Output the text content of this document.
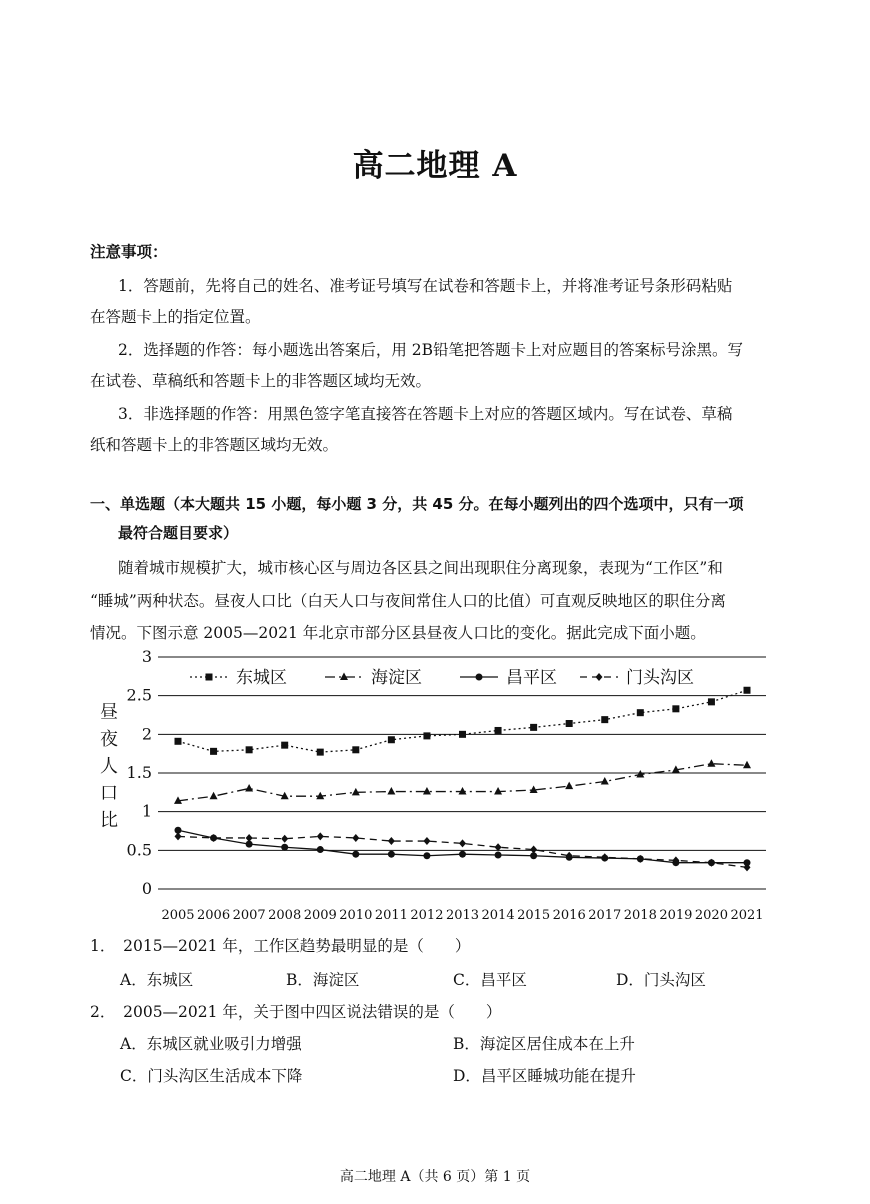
高二地理 A
注意事项：
1．答题前，先将自己的姓名、准考证号填写在试卷和答题卡上，并将准考证号条形码粘贴
在答题卡上的指定位置。
2．选择题的作答：每小题选出答案后，用 2B铅笔把答题卡上对应题目的答案标号涂黑。写
在试卷、草稿纸和答题卡上的非答题区域均无效。
3．非选择题的作答：用黑色签字笔直接答在答题卡上对应的答题区域内。写在试卷、草稿
纸和答题卡上的非答题区域均无效。
一、单选题（本大题共 15 小题，每小题 3 分，共 45 分。在每小题列出的四个选项中，只有一项
最符合题目要求）
随着城市规模扩大，城市核心区与周边各区县之间出现职住分离现象，表现为“工作区”和
“睡城”两种状态。昼夜人口比（白天人口与夜间常住人口的比值）可直观反映地区的职住分离
情况。下图示意 2005—2021 年北京市部分区县昼夜人口比的变化。据此完成下面小题。
昼
夜
人
口
比
0
0.5
1
1.5
2
2.5
3
2005 2006 2007 2008 2009 2010 2011 2012 2013 2014 2015 2016 2017 2018 2019 2020 2021
东城区	海淀区	昌平区	门头沟区
1．　2015—2021 年，工作区趋势最明显的是（　　）
A．东城区	B．海淀区	C．昌平区	D．门头沟区
2．　2005—2021 年，关于图中四区说法错误的是（　　）
A．东城区就业吸引力增强	B．海淀区居住成本在上升
C．门头沟区生活成本下降	D．昌平区睡城功能在提升
高二地理 A（共 6 页）第 1 页
